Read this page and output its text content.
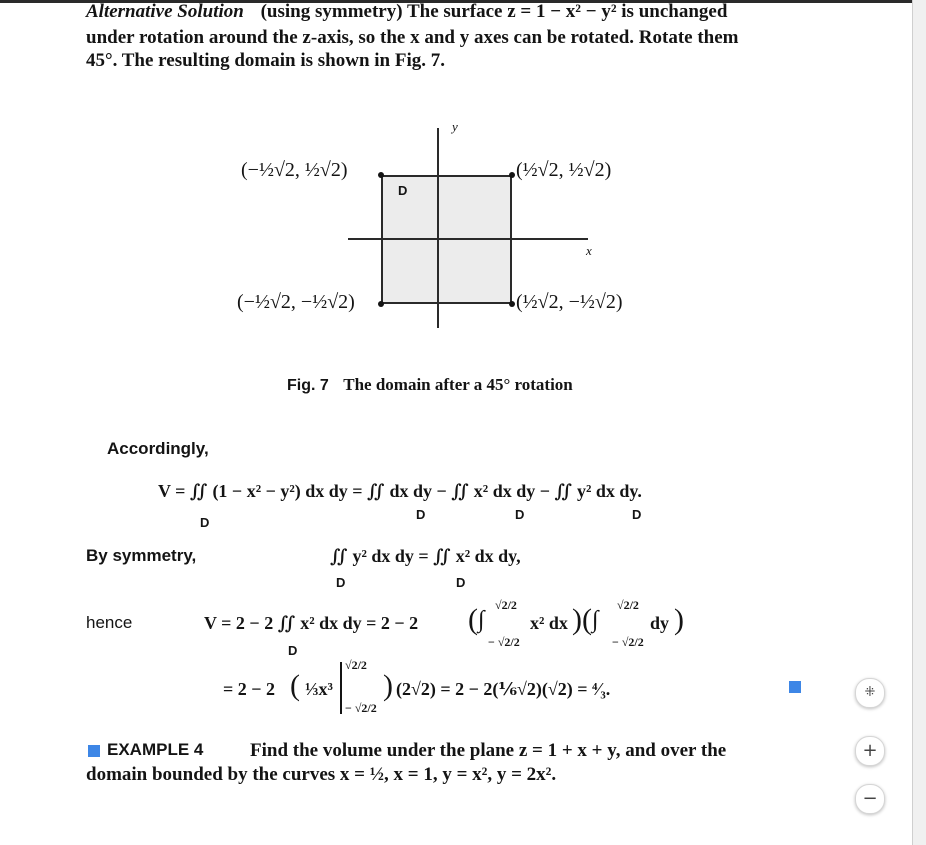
Alternative Solution (using symmetry) The surface z = 1 − x² − y² is unchanged
under rotation around the z-axis, so the x and y axes can be rotated. Rotate them
45°. The resulting domain is shown in Fig. 7.
y
x
D
(−½√2, ½√2)	(½√2, ½√2)
(−½√2, −½√2)	(½√2, −½√2)
Fig. 7 The domain after a 45° rotation
Accordingly,
V = ∬ (1 − x² − y²) dx dy = ∬ dx dy − ∬ x² dx dy − ∬ y² dx dy.
D
D	D	D
By symmetry,	∬ y² dx dy = ∬ x² dx dy,
D	D
hence	V = 2 − 2 ∬ x² dx dy = 2 − 2
D
(∫
√2/2
− √2/2
x² dx )(∫
√2/2
− √2/2
dy )
= 2 − 2 ( ⅓x³
√2/2
− √2/2
) (2√2) = 2 − 2(⅙√2)(√2) = ⁴⁄₃.
EXAMPLE 4 Find the volume under the plane z = 1 + x + y, and over the
domain bounded by the curves x = ½, x = 1, y = x², y = 2x².
⁜
+
−
